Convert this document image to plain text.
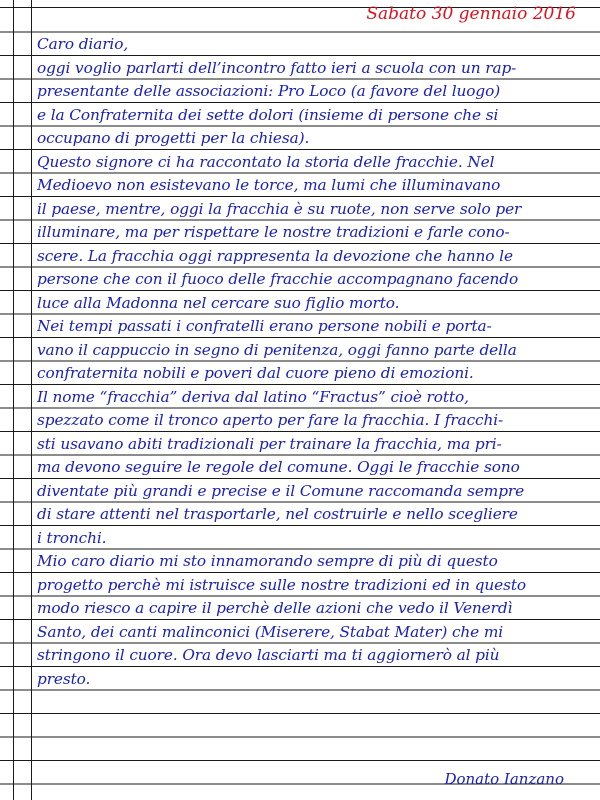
Sabato 30 gennaio 2016

Caro diario,
oggi voglio parlarti dell’incontro fatto ieri a scuola con un rap-
presentante delle associazioni: Pro Loco (a favore del luogo)
e la Confraternita dei sette dolori (insieme di persone che si
occupano di progetti per la chiesa).
Questo signore ci ha raccontato la storia delle fracchie. Nel
Medioevo non esistevano le torce, ma lumi che illuminavano
il paese, mentre, oggi la fracchia è su ruote, non serve solo per
illuminare, ma per rispettare le nostre tradizioni e farle cono-
scere. La fracchia oggi rappresenta la devozione che hanno le
persone che con il fuoco delle fracchie accompagnano facendo
luce alla Madonna nel cercare suo figlio morto.
Nei tempi passati i confratelli erano persone nobili e porta-
vano il cappuccio in segno di penitenza, oggi fanno parte della
confraternita nobili e poveri dal cuore pieno di emozioni.
Il nome “fracchia” deriva dal latino “Fractus” cioè rotto,
spezzato come il tronco aperto per fare la fracchia. I fracchi-
sti usavano abiti tradizionali per trainare la fracchia, ma pri-
ma devono seguire le regole del comune. Oggi le fracchie sono
diventate più grandi e precise e il Comune raccomanda sempre
di stare attenti nel trasportarle, nel costruirle e nello scegliere
i tronchi.
Mio caro diario mi sto innamorando sempre di più di questo
progetto perchè mi istruisce sulle nostre tradizioni ed in questo
modo riesco a capire il perchè delle azioni che vedo il Venerdì
Santo, dei canti malinconici (Miserere, Stabat Mater) che mi
stringono il cuore. Ora devo lasciarti ma ti aggiornerò al più
presto.

Donato Ianzano
